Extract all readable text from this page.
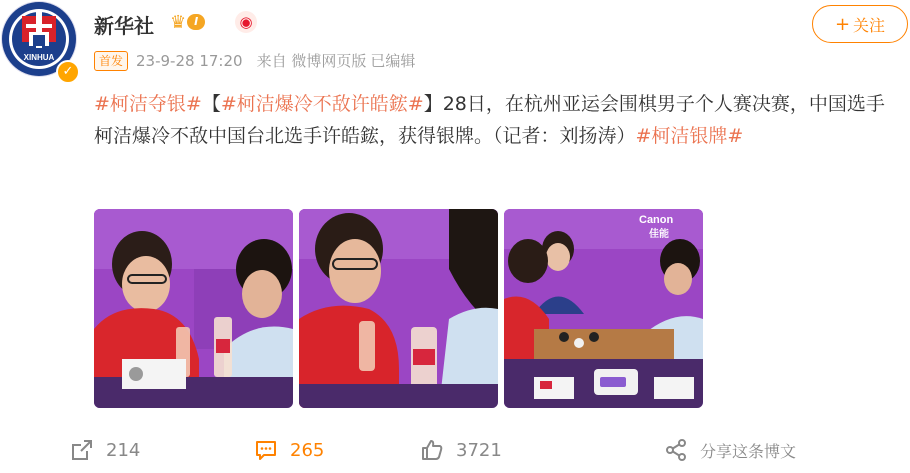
XINHUA
✓
新华社 ♛ I	◉	+ 关注
首发 23-9-28 17:20 来自 微博网页版 已编辑
#柯洁夺银#【#柯洁爆冷不敌许皓鋐#】28日，在杭州亚运会围棋男子个人赛决赛，中国选手柯洁爆冷不敌中国台北选手许皓鋐，获得银牌。（记者：刘扬涛）#柯洁银牌#
Canon
佳能
214	265	3721	分享这条博文
